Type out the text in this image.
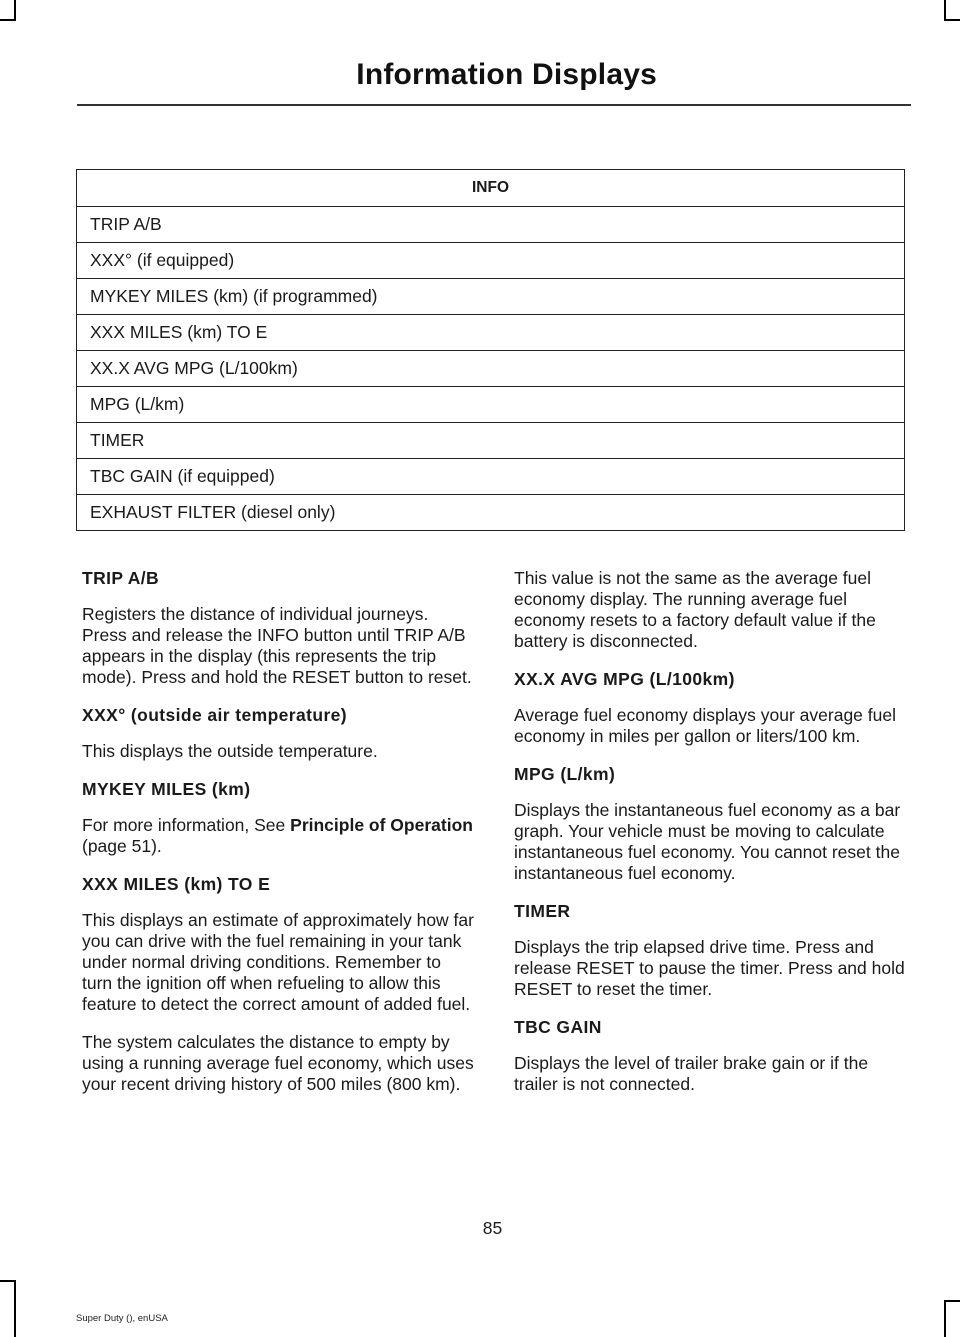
Information Displays
INFO
TRIP A/B
XXX° (if equipped)
MYKEY MILES (km) (if programmed)
XXX MILES (km) TO E
XX.X AVG MPG (L/100km)
MPG (L/km)
TIMER
TBC GAIN (if equipped)
EXHAUST FILTER (diesel only)
TRIP A/B

Registers the distance of individual journeys. Press and release the INFO button until TRIP A/B appears in the display (this represents the trip mode). Press and hold the RESET button to reset.

XXX° (outside air temperature)

This displays the outside temperature.

MYKEY MILES (km)

For more information, See Principle of Operation (page 51).

XXX MILES (km) TO E

This displays an estimate of approximately how far you can drive with the fuel remaining in your tank under normal driving conditions. Remember to turn the ignition off when refueling to allow this feature to detect the correct amount of added fuel.

The system calculates the distance to empty by using a running average fuel economy, which uses your recent driving history of 500 miles (800 km).

This value is not the same as the average fuel economy display. The running average fuel economy resets to a factory default value if the battery is disconnected.

XX.X AVG MPG (L/100km)

Average fuel economy displays your average fuel economy in miles per gallon or liters/100 km.

MPG (L/km)

Displays the instantaneous fuel economy as a bar graph. Your vehicle must be moving to calculate instantaneous fuel economy. You cannot reset the instantaneous fuel economy.

TIMER

Displays the trip elapsed drive time. Press and release RESET to pause the timer. Press and hold RESET to reset the timer.

TBC GAIN

Displays the level of trailer brake gain or if the trailer is not connected.

85
Super Duty (), enUSA
